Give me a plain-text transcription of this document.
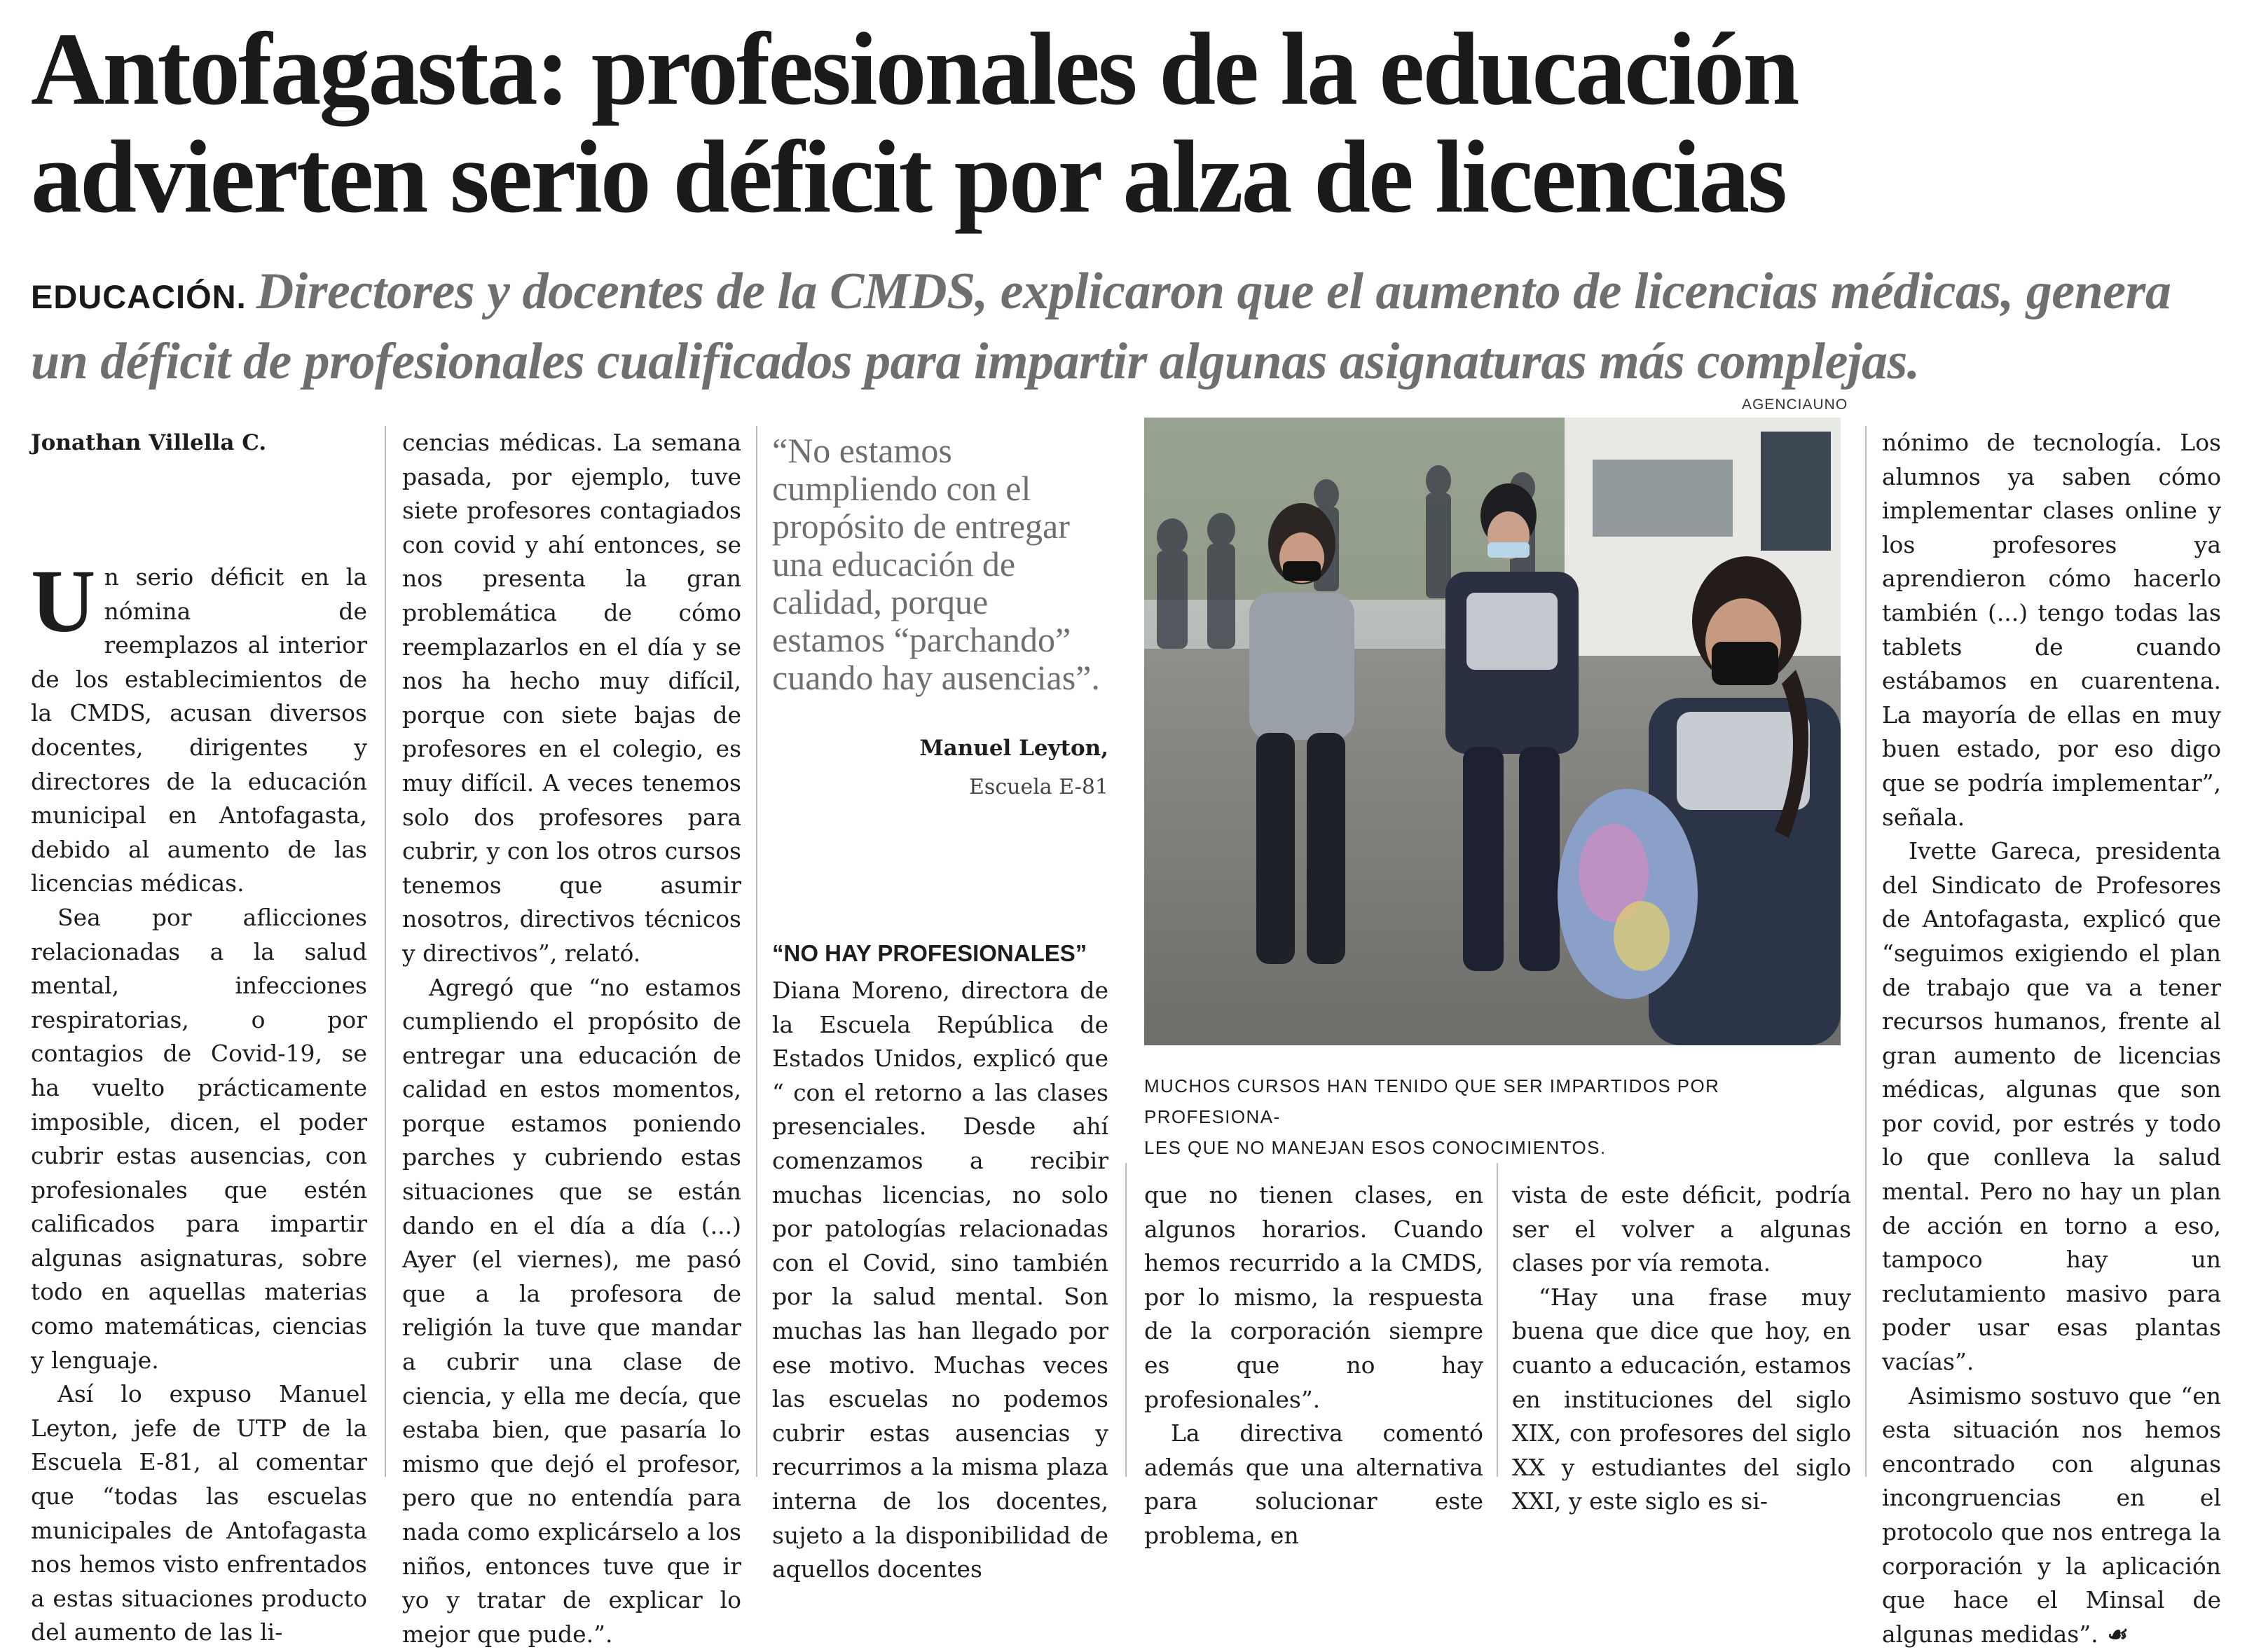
Antofagasta: profesionales de la educación
advierten serio déficit por alza de licencias
EDUCACIÓN. Directores y docentes de la CMDS, explicaron que el aumento de licencias médicas, genera un déficit de profesionales cualificados para impartir algunas asignaturas más complejas.
AGENCIAUNO
Jonathan Villella C.
U n serio déficit en la nómina de reemplazos al interior de los establecimientos de la CMDS, acusan diversos docentes, dirigentes y directores de la educación municipal en Antofagasta, debido al aumento de las licencias médicas.

Sea por aflicciones relacionadas a la salud mental, infecciones respiratorias, o por contagios de Covid-19, se ha vuelto prácticamente imposible, dicen, el poder cubrir estas ausencias, con profesionales que estén calificados para impartir algunas asignaturas, sobre todo en aquellas materias como matemáticas, ciencias y lenguaje.

Así lo expuso Manuel Leyton, jefe de UTP de la Escuela E-81, al comentar que “todas las escuelas municipales de Antofagasta nos hemos visto enfrentados a estas situaciones producto del aumento de las li-

cencias médicas. La semana pasada, por ejemplo, tuve siete profesores contagiados con covid y ahí entonces, se nos presenta la gran problemática de cómo reemplazarlos en el día y se nos ha hecho muy difícil, porque con siete bajas de profesores en el colegio, es muy difícil. A veces tenemos solo dos profesores para cubrir, y con los otros cursos tenemos que asumir nosotros, directivos técnicos y directivos”, relató.

Agregó que “no estamos cumpliendo el propósito de entregar una educación de calidad en estos momentos, porque estamos poniendo parches y cubriendo estas situaciones que se están dando en el día a día (...) Ayer (el viernes), me pasó que a la profesora de religión la tuve que mandar a cubrir una clase de ciencia, y ella me decía, que estaba bien, que pasaría lo mismo que dejó el profesor, pero que no entendía para nada como explicárselo a los niños, entonces tuve que ir yo y tratar de explicar lo mejor que pude.”.

“No estamos cumpliendo con el propósito de entregar una educación de calidad, porque estamos “parchando” cuando hay ausencias”.
Manuel Leyton,
Escuela E-81
“NO HAY PROFESIONALES”

Diana Moreno, directora de la Escuela República de Estados Unidos, explicó que “ con el retorno a las clases presenciales. Desde ahí comenzamos a recibir muchas licencias, no solo por patologías relacionadas con el Covid, sino también por la salud mental. Son muchas las han llegado por ese motivo. Muchas veces las escuelas no podemos cubrir estas ausencias y recurrimos a la misma plaza interna de los docentes, sujeto a la disponibilidad de aquellos docentes

MUCHOS CURSOS HAN TENIDO QUE SER IMPARTIDOS POR PROFESIONA-
LES QUE NO MANEJAN ESOS CONOCIMIENTOS.

que no tienen clases, en algunos horarios. Cuando hemos recurrido a la CMDS, por lo mismo, la respuesta de la corporación siempre es que no hay profesionales”.

La directiva comentó además que una alternativa para solucionar este problema, en

vista de este déficit, podría ser el volver a algunas clases por vía remota.

“Hay una frase muy buena que dice que hoy, en cuanto a educación, estamos en instituciones del siglo XIX, con profesores del siglo XX y estudiantes del siglo XXI, y este siglo es si-

nónimo de tecnología. Los alumnos ya saben cómo implementar clases online y los profesores ya aprendieron cómo hacerlo también (...) tengo todas las tablets de cuando estábamos en cuarentena. La mayoría de ellas en muy buen estado, por eso digo que se podría implementar”, señala.

Ivette Gareca, presidenta del Sindicato de Profesores de Antofagasta, explicó que “seguimos exigiendo el plan de trabajo que va a tener recursos humanos, frente al gran aumento de licencias médicas, algunas que son por covid, por estrés y todo lo que conlleva la salud mental. Pero no hay un plan de acción en torno a eso, tampoco hay un reclutamiento masivo para poder usar esas plantas vacías”.

Asimismo sostuvo que “en esta situación nos hemos encontrado con algunas incongruencias en el protocolo que nos entrega la corporación y la aplicación que hace el Minsal de algunas medidas”. ☙
